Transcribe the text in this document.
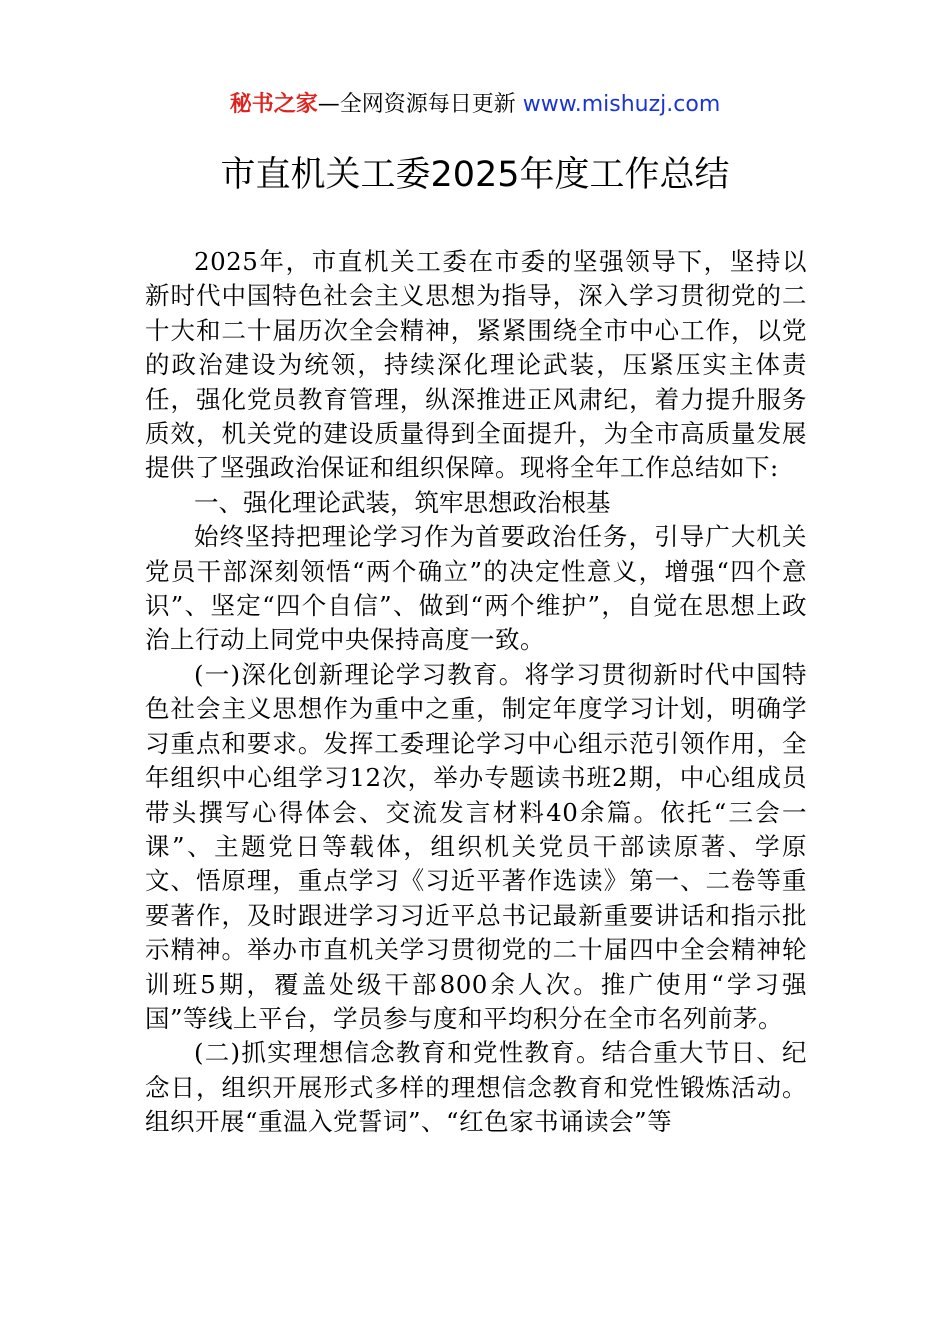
秘书之家—全网资源每日更新 www.mishuzj.com
市直机关工委2025年度工作总结

2025年，市直机关工委在市委的坚强领导下，坚持以新时代中国特色社会主义思想为指导，深入学习贯彻党的二十大和二十届历次全会精神，紧紧围绕全市中心工作，以党的政治建设为统领，持续深化理论武装，压紧压实主体责任，强化党员教育管理，纵深推进正风肃纪，着力提升服务质效，机关党的建设质量得到全面提升，为全市高质量发展提供了坚强政治保证和组织保障。现将全年工作总结如下:

一、强化理论武装，筑牢思想政治根基

始终坚持把理论学习作为首要政治任务，引导广大机关党员干部深刻领悟“两个确立”的决定性意义，增强“四个意识”、坚定“四个自信”、做到“两个维护”，自觉在思想上政治上行动上同党中央保持高度一致。

(一)深化创新理论学习教育。将学习贯彻新时代中国特色社会主义思想作为重中之重，制定年度学习计划，明确学习重点和要求。发挥工委理论学习中心组示范引领作用，全年组织中心组学习12次，举办专题读书班2期，中心组成员带头撰写心得体会、交流发言材料40余篇。依托“三会一课”、主题党日等载体，组织机关党员干部读原著、学原文、悟原理，重点学习《习近平著作选读》第一、二卷等重要著作，及时跟进学习习近平总书记最新重要讲话和指示批示精神。举办市直机关学习贯彻党的二十届四中全会精神轮训班5期，覆盖处级干部800余人次。推广使用“学习强国”等线上平台，学员参与度和平均积分在全市名列前茅。

(二)抓实理想信念教育和党性教育。结合重大节日、纪念日，组织开展形式多样的理想信念教育和党性锻炼活动。组织开展“重温入党誓词”、“红色家书诵读会”等
